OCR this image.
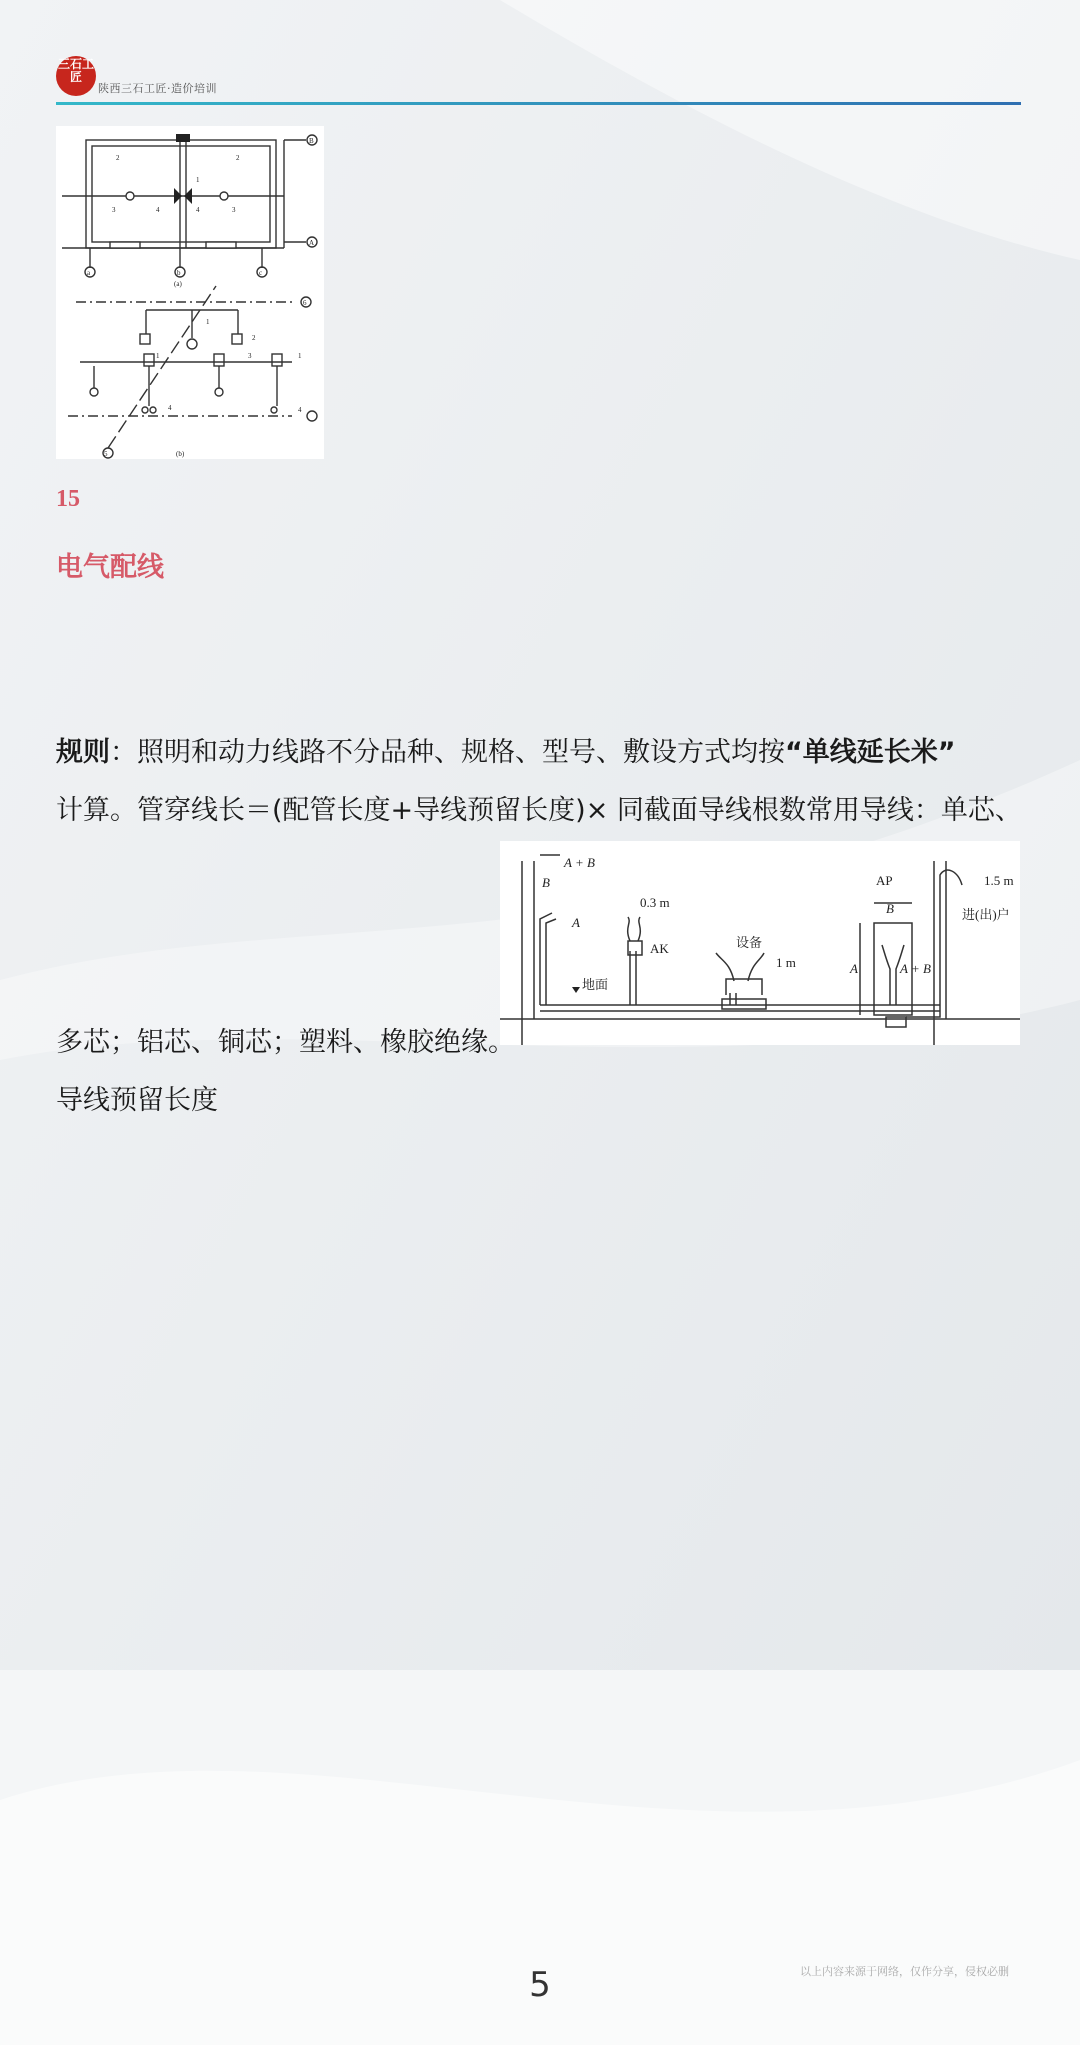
三石工匠
陕西三石工匠·造价培训
1
2	2
3	4	4	3
a	b	c
A
B
(a)
(b)
1
2
3	1
4
1
4
5
6
15
电气配线
规则：照明和动力线路不分品种、规格、型号、敷设方式均按“单线延长米”
计算。管穿线长＝(配管长度+导线预留长度)× 同截面导线根数常用导线：单芯、
多芯；铝芯、铜芯；塑料、橡胶绝缘。
导线预留长度
A + B
B
A
0.3 m
AK	设备
1 m
地面
AP
B
A	A + B
1.5 m
进(出)户
5	以上内容来源于网络，仅作分享，侵权必删
